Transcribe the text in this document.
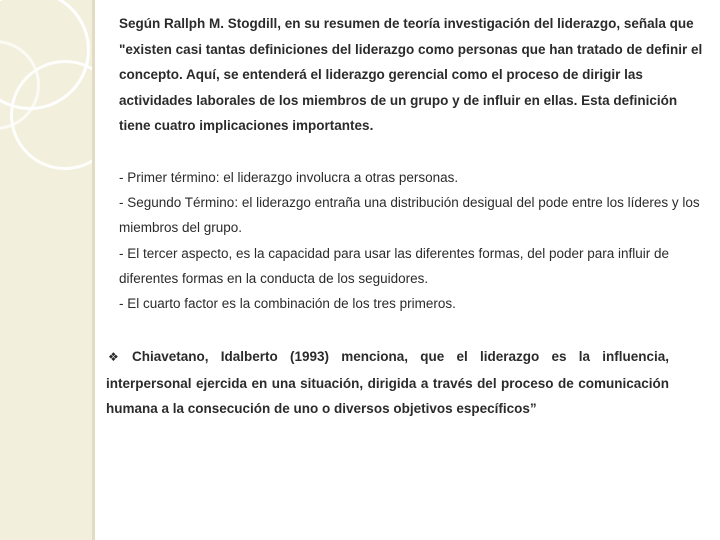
Según Rallph M. Stogdill, en su resumen de teoría investigación del liderazgo, señala que "existen casi tantas definiciones del liderazgo como personas que han tratado de definir el concepto. Aquí, se entenderá el liderazgo gerencial como el proceso de dirigir las actividades laborales de los miembros de un grupo y de influir en ellas. Esta definición tiene cuatro implicaciones importantes.

- Primer término: el liderazgo involucra a otras personas.

- Segundo Término: el liderazgo entraña una distribución desigual del pode entre los líderes y los miembros del grupo.

- El tercer aspecto, es la capacidad para usar las diferentes formas, del poder para influir de diferentes formas en la conducta de los seguidores.

- El cuarto factor es la combinación de los tres primeros.

❖ Chiavetano, Idalberto (1993) menciona, que el liderazgo es la influencia, interpersonal ejercida en una situación, dirigida a través del proceso de comunicación humana a la consecución de uno o diversos objetivos específicos”
